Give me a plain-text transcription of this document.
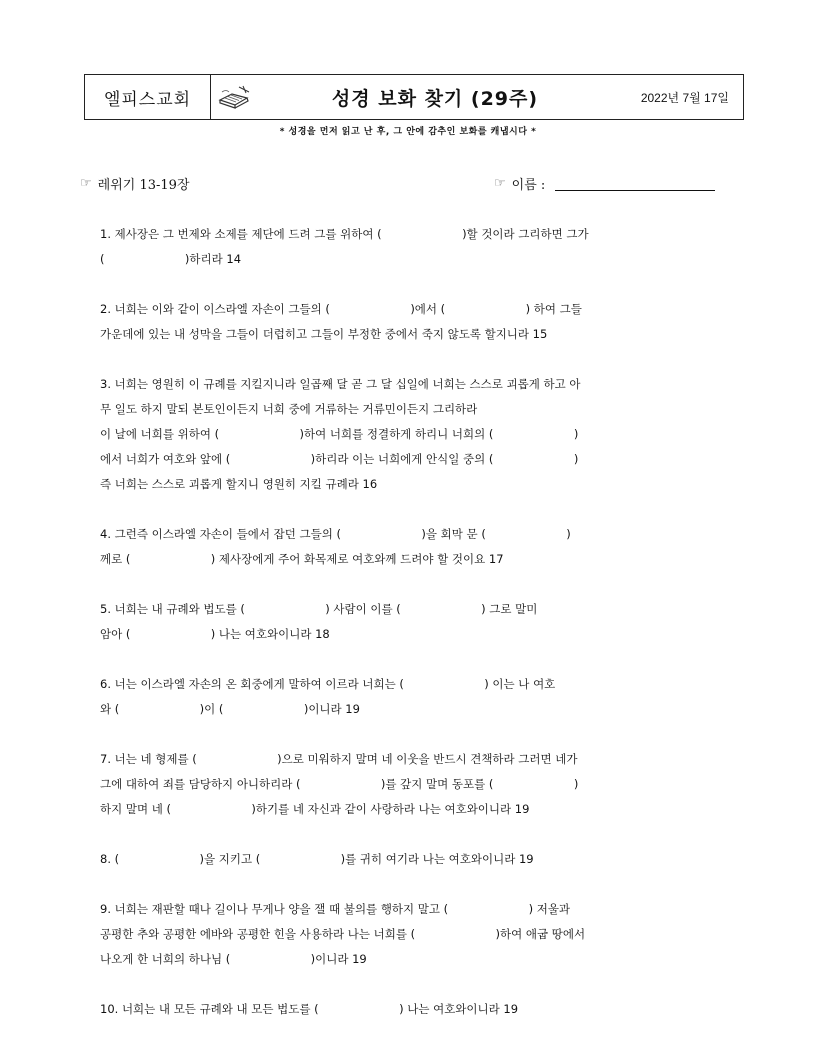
엘피스교회	성경 보화 찾기 (29주)	2022년 7월 17일
* 성경을 먼저 읽고 난 후, 그 안에 감추인 보화를 캐냅시다 *
☞ 레위기 13-19장	☞ 이름 :
1. 제사장은 그 번제와 소제를 제단에 드려 그를 위하여 (                      )할 것이라 그리하면 그가
(                      )하리라 14
2. 너희는 이와 같이 이스라엘 자손이 그들의 (                      )에서 (                      ) 하여 그들
가운데에 있는 내 성막을 그들이 더럽히고 그들이 부정한 중에서 죽지 않도록 할지니라 15
3. 너희는 영원히 이 규례를 지킬지니라 일곱째 달 곧 그 달 십일에 너희는 스스로 괴롭게 하고 아
무 일도 하지 말되 본토인이든지 너희 중에 거류하는 거류민이든지 그리하라
이 날에 너희를 위하여 (                      )하여 너희를 정결하게 하리니 너희의 (                      )
에서 너희가 여호와 앞에 (                      )하리라 이는 너희에게 안식일 중의 (                      )
즉 너희는 스스로 괴롭게 할지니 영원히 지킬 규례라 16
4. 그런즉 이스라엘 자손이 들에서 잡던 그들의 (                      )을 회막 문 (                      )
께로 (                      ) 제사장에게 주어 화목제로 여호와께 드려야 할 것이요 17
5. 너희는 내 규례와 법도를 (                      ) 사람이 이를 (                      ) 그로 말미
암아 (                      ) 나는 여호와이니라 18
6. 너는 이스라엘 자손의 온 회중에게 말하여 이르라 너희는 (                      ) 이는 나 여호
와 (                      )이 (                      )이니라 19
7. 너는 네 형제를 (                      )으로 미워하지 말며 네 이웃을 반드시 견책하라 그러면 네가
그에 대하여 죄를 담당하지 아니하리라 (                      )를 갚지 말며 동포를 (                      )
하지 말며 네 (                      )하기를 네 자신과 같이 사랑하라 나는 여호와이니라 19
8. (                      )을 지키고 (                      )를 귀히 여기라 나는 여호와이니라 19
9. 너희는 재판할 때나 길이나 무게나 양을 잴 때 불의를 행하지 말고 (                      ) 저울과
공평한 추와 공평한 에바와 공평한 힌을 사용하라 나는 너희를 (                      )하여 애굽 땅에서
나오게 한 너희의 하나님 (                      )이니라 19
10. 너희는 내 모든 규례와 내 모든 법도를 (                      ) 나는 여호와이니라 19
